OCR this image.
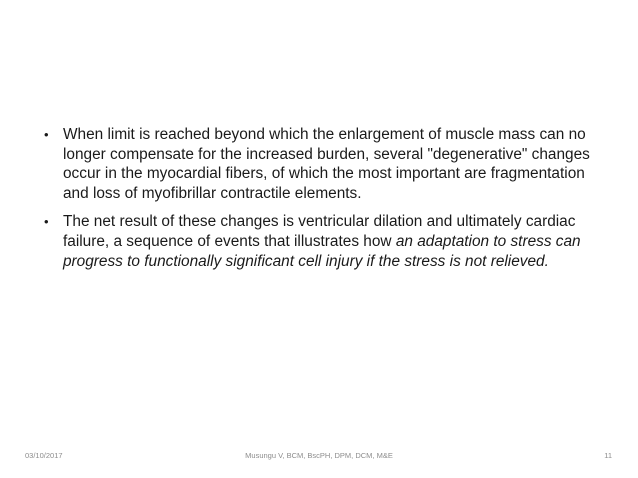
• When limit is reached beyond which the enlargement of muscle mass can no longer compensate for the increased burden, several "degenerative" changes occur in the myocardial fibers, of which the most important are fragmentation and loss of myofibrillar contractile elements.
• The net result of these changes is ventricular dilation and ultimately cardiac failure, a sequence of events that illustrates how an adaptation to stress can progress to functionally significant cell injury if the stress is not relieved.
03/10/2017	Musungu V, BCM, BscPH, DPM, DCM, M&E	11
